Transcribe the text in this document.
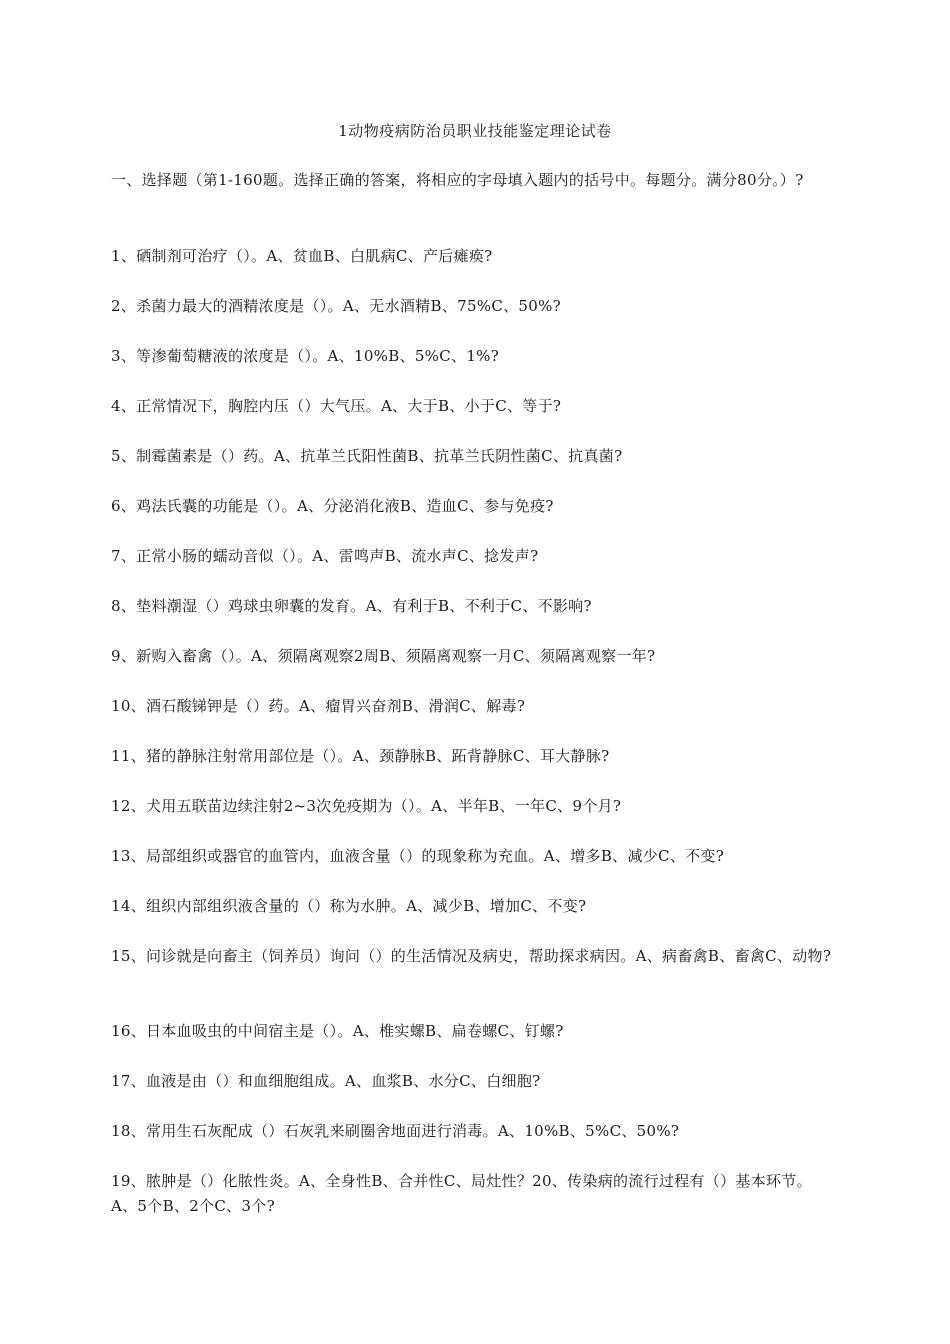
1动物疫病防治员职业技能鉴定理论试卷
一、选择题（第1-160题。选择正确的答案，将相应的字母填入题内的括号中。每题分。满分80分。）?
1、硒制剂可治疗（）。A、贫血B、白肌病C、产后瘫痪?
2、杀菌力最大的酒精浓度是（）。A、无水酒精B、75%C、50%?
3、等渗葡萄糖液的浓度是（）。A、10%B、5%C、1%?
4、正常情况下，胸腔内压（）大气压。A、大于B、小于C、等于?
5、制霉菌素是（）药。A、抗革兰氏阳性菌B、抗革兰氏阴性菌C、抗真菌?
6、鸡法氏囊的功能是（）。A、分泌消化液B、造血C、参与免疫?
7、正常小肠的蠕动音似（）。A、雷鸣声B、流水声C、捻发声?
8、垫料潮湿（）鸡球虫卵囊的发育。A、有利于B、不利于C、不影响?
9、新购入畜禽（）。A、须隔离观察2周B、须隔离观察一月C、须隔离观察一年?
10、酒石酸锑钾是（）药。A、瘤胃兴奋剂B、滑润C、解毒?
11、猪的静脉注射常用部位是（）。A、颈静脉B、跖背静脉C、耳大静脉?
12、犬用五联苗边续注射2~3次免疫期为（）。A、半年B、一年C、9个月?
13、局部组织或器官的血管内，血液含量（）的现象称为充血。A、增多B、减少C、不变?
14、组织内部组织液含量的（）称为水肿。A、减少B、增加C、不变?
15、问诊就是向畜主（饲养员）询问（）的生活情况及病史，帮助探求病因。A、病畜禽B、畜禽C、动物?
16、日本血吸虫的中间宿主是（）。A、椎实螺B、扁卷螺C、钉螺?
17、血液是由（）和血细胞组成。A、血浆B、水分C、白细胞?
18、常用生石灰配成（）石灰乳来刷圈舍地面进行消毒。A、10%B、5%C、50%?
19、脓肿是（）化脓性炎。A、全身性B、合并性C、局灶性？20、传染病的流行过程有（）基本环节。A、5个B、2个C、3个?
